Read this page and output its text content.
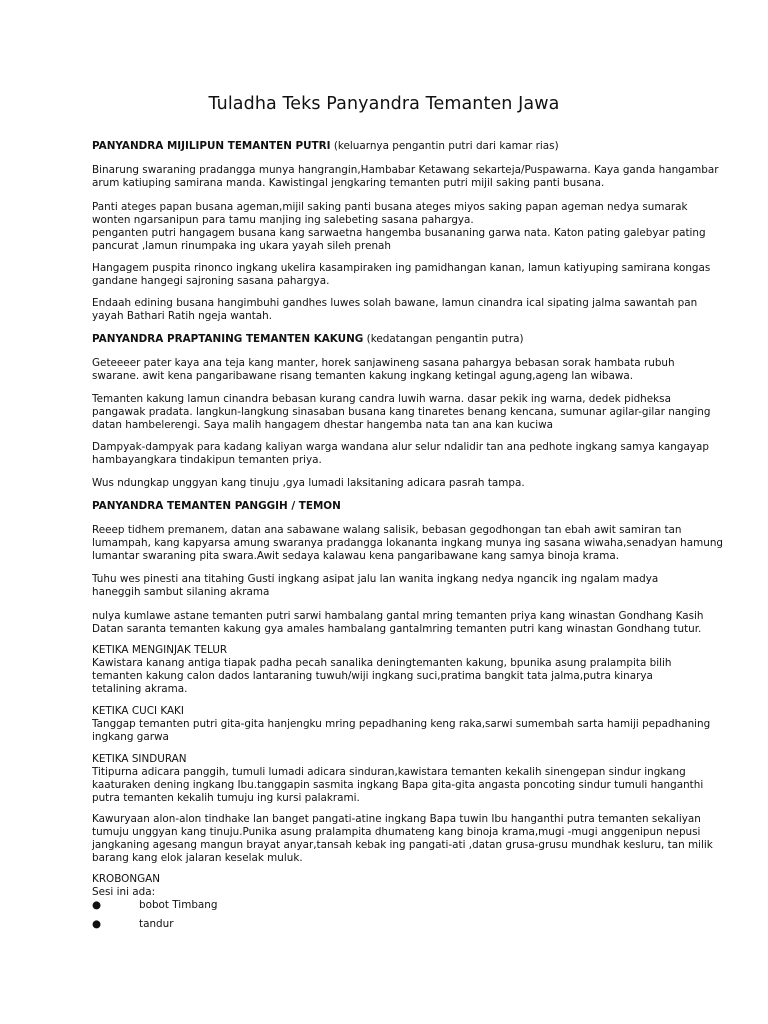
Tuladha Teks Panyandra Temanten Jawa
PANYANDRA MIJILIPUN TEMANTEN PUTRI (keluarnya pengantin putri dari kamar rias)
Binarung swaraning pradangga munya hangrangin,Hambabar Ketawang sekarteja/Puspawarna. Kaya ganda hangambar
arum katiuping samirana manda. Kawistingal jengkaring temanten putri mijil saking panti busana.
Panti ateges papan busana ageman,mijil saking panti busana ateges miyos saking papan ageman nedya sumarak
wonten ngarsanipun para tamu manjing ing salebeting sasana pahargya.
penganten putri hangagem busana kang sarwaetna hangemba busananing garwa nata. Katon pating galebyar pating
pancurat ,lamun rinumpaka ing ukara yayah sileh prenah
Hangagem puspita rinonco ingkang ukelira kasampiraken ing pamidhangan kanan, lamun katiyuping samirana kongas
gandane hangegi sajroning sasana pahargya.
Endaah edining busana hangimbuhi gandhes luwes solah bawane, lamun cinandra ical sipating jalma sawantah pan
yayah Bathari Ratih ngeja wantah.
PANYANDRA PRAPTANING TEMANTEN KAKUNG (kedatangan pengantin putra)
Geteeeer pater kaya ana teja kang manter, horek sanjawineng sasana pahargya bebasan sorak hambata rubuh
swarane. awit kena pangaribawane risang temanten kakung ingkang ketingal agung,ageng lan wibawa.
Temanten kakung lamun cinandra bebasan kurang candra luwih warna. dasar pekik ing warna, dedek pidheksa
pangawak pradata. langkun-langkung sinasaban busana kang tinaretes benang kencana, sumunar agilar-gilar nanging
datan hambelerengi. Saya malih hangagem dhestar hangemba nata tan ana kan kuciwa
Dampyak-dampyak para kadang kaliyan warga wandana alur selur ndalidir tan ana pedhote ingkang samya kangayap
hambayangkara tindakipun temanten priya.
Wus ndungkap unggyan kang tinuju ,gya lumadi laksitaning adicara pasrah tampa.
PANYANDRA TEMANTEN PANGGIH / TEMON
Reeep tidhem premanem, datan ana sabawane walang salisik, bebasan gegodhongan tan ebah awit samiran tan
lumampah, kang kapyarsa amung swaranya pradangga lokananta ingkang munya ing sasana wiwaha,senadyan hamung
lumantar swaraning pita swara.Awit sedaya kalawau kena pangaribawane kang samya binoja krama.
Tuhu wes pinesti ana titahing Gusti ingkang asipat jalu lan wanita ingkang nedya ngancik ing ngalam madya
haneggih sambut silaning akrama
nulya kumlawe astane temanten putri sarwi hambalang gantal mring temanten priya kang winastan Gondhang Kasih
Datan saranta temanten kakung gya amales hambalang gantalmring temanten putri kang winastan Gondhang tutur.
KETIKA MENGINJAK TELUR
Kawistara kanang antiga tiapak padha pecah sanalika deningtemanten kakung, bpunika asung pralampita bilih
temanten kakung calon dados lantaraning tuwuh/wiji ingkang suci,pratima bangkit tata jalma,putra kinarya
tetalining akrama.
KETIKA CUCI KAKI
Tanggap temanten putri gita-gita hanjengku mring pepadhaning keng raka,sarwi sumembah sarta hamiji pepadhaning
ingkang garwa
KETIKA SINDURAN
Titipurna adicara panggih, tumuli lumadi adicara sinduran,kawistara temanten kekalih sinengepan sindur ingkang
kaaturaken dening ingkang Ibu.tanggapin sasmita ingkang Bapa gita-gita angasta poncoting sindur tumuli hanganthi
putra temanten kekalih tumuju ing kursi palakrami.
Kawuryaan alon-alon tindhake lan banget pangati-atine ingkang Bapa tuwin Ibu hanganthi putra temanten sekaliyan
tumuju unggyan kang tinuju.Punika asung pralampita dhumateng kang binoja krama,mugi -mugi anggenipun nepusi
jangkaning agesang mangun brayat anyar,tansah kebak ing pangati-ati ,datan grusa-grusu mundhak kesluru, tan milik
barang kang elok jalaran keselak muluk.
KROBONGAN
Sesi ini ada:
●	bobot Timbang
●	tandur
